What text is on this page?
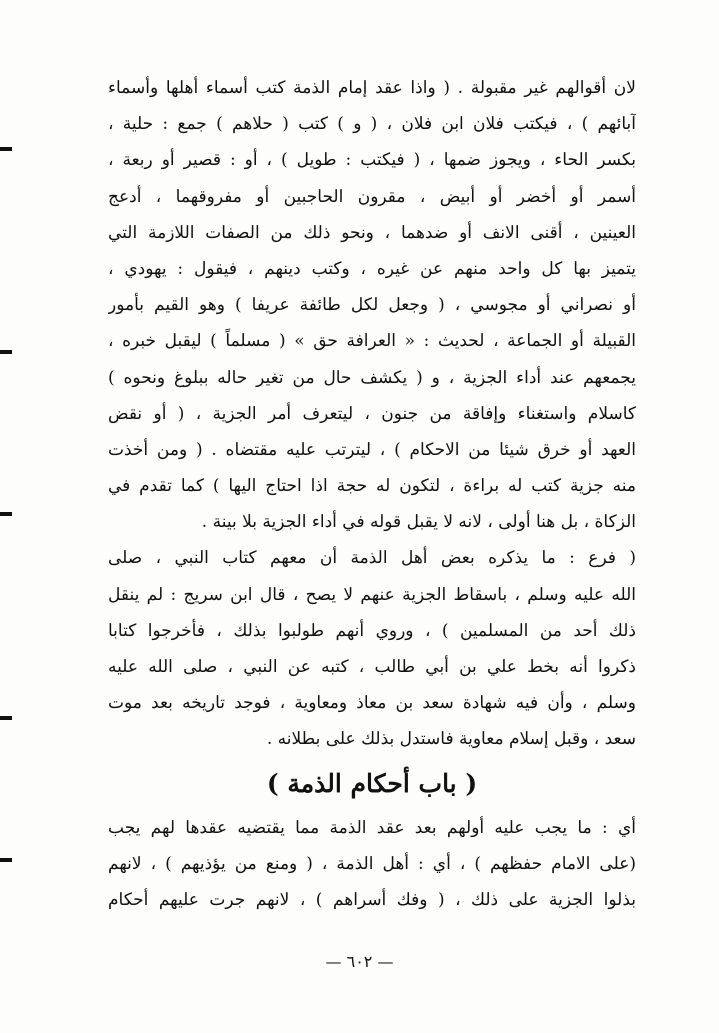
لان أقوالهم غير مقبولة . ( واذا عقد إمام الذمة كتب أسماء أهلها وأسماء
آبائهم ) ، فيكتب فلان ابن فلان ، ( و ) كتب ( حلاهم ) جمع : حلية ،
بكسر الحاء ، ويجوز ضمها ، ( فيكتب : طويل ) ، أو : قصير أو ربعة ،
أسمر أو أخضر أو أبيض ، مقرون الحاجبين أو مفروقهما ، أدعج
العينين ، أقنى الانف أو ضدهما ، ونحو ذلك من الصفات اللازمة التي
يتميز بها كل واحد منهم عن غيره ، وكتب دينهم ، فيقول : يهودي ،
أو نصراني أو مجوسي ، ( وجعل لكل طائفة عريفا ) وهو القيم بأمور
القبيلة أو الجماعة ، لحديث : « العرافة حق » ( مسلماً ) ليقبل خبره ،
يجمعهم عند أداء الجزية ، و ( يكشف حال من تغير حاله ببلوغ ونحوه )
كاسلام واستغناء وإفاقة من جنون ، ليتعرف أمر الجزية ، ( أو نقض
العهد أو خرق شيئا من الاحكام ) ، ليترتب عليه مقتضاه . ( ومن أخذت
منه جزية كتب له براءة ، لتكون له حجة اذا احتاج اليها ) كما تقدم في
الزكاة ، بل هنا أولى ، لانه لا يقبل قوله في أداء الجزية بلا بينة .
( فرع : ما يذكره بعض أهل الذمة أن معهم كتاب النبي ، صلى
الله عليه وسلم ، باسقاط الجزية عنهم لا يصح ، قال ابن سريج : لم ينقل
ذلك أحد من المسلمين ) ، وروي أنهم طولبوا بذلك ، فأخرجوا كتابا
ذكروا أنه بخط علي بن أبي طالب ، كتبه عن النبي ، صلى الله عليه
وسلم ، وأن فيه شهادة سعد بن معاذ ومعاوية ، فوجد تاريخه بعد موت
سعد ، وقبل إسلام معاوية فاستدل بذلك على بطلانه .
( باب أحكام الذمة )
أي : ما يجب عليه أولهم بعد عقد الذمة مما يقتضيه عقدها لهم يجب
(على الامام حفظهم ) ، أي : أهل الذمة ، ( ومنع من يؤذيهم ) ، لانهم
بذلوا الجزية على ذلك ، ( وفك أسراهم ) ، لانهم جرت عليهم أحكام
— ٦٠٢ —
